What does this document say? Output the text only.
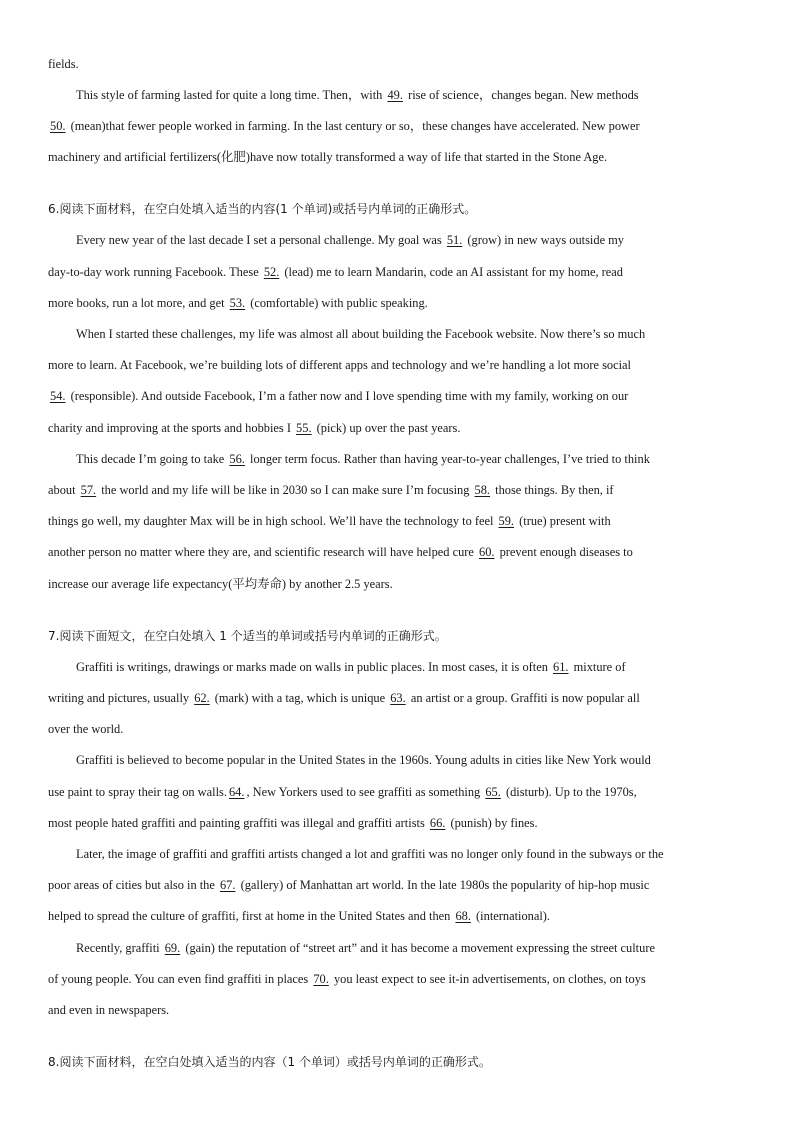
fields.
This style of farming lasted for quite a long time. Then，with 49. rise of science，changes began. New methods
50. (mean)that fewer people worked in farming. In the last century or so，these changes have accelerated. New power
machinery and artificial fertilizers(化肥)have now totally transformed a way of life that started in the Stone Age.
6.阅读下面材料，在空白处填入适当的内容(1 个单词)或括号内单词的正确形式。
Every new year of the last decade I set a personal challenge. My goal was 51. (grow) in new ways outside my
day-to-day work running Facebook. These 52. (lead) me to learn Mandarin, code an AI assistant for my home, read
more books, run a lot more, and get 53. (comfortable) with public speaking.
When I started these challenges, my life was almost all about building the Facebook website. Now there’s so much
more to learn. At Facebook, we’re building lots of different apps and technology and we’re handling a lot more social
54. (responsible). And outside Facebook, I’m a father now and I love spending time with my family, working on our
charity and improving at the sports and hobbies I 55. (pick) up over the past years.
This decade I’m going to take 56. longer term focus. Rather than having year-to-year challenges, I’ve tried to think
about 57. the world and my life will be like in 2030 so I can make sure I’m focusing 58. those things. By then, if
things go well, my daughter Max will be in high school. We’ll have the technology to feel 59. (true) present with
another person no matter where they are, and scientific research will have helped cure 60. prevent enough diseases to
increase our average life expectancy(平均寿命) by another 2.5 years.
7.阅读下面短文，在空白处填入 1 个适当的单词或括号内单词的正确形式。
Graffiti is writings, drawings or marks made on walls in public places. In most cases, it is often 61. mixture of
writing and pictures, usually 62. (mark) with a tag, which is unique 63. an artist or a group. Graffiti is now popular all
over the world.
Graffiti is believed to become popular in the United States in the 1960s. Young adults in cities like New York would
use paint to spray their tag on walls. 64., New Yorkers used to see graffiti as something 65. (disturb). Up to the 1970s,
most people hated graffiti and painting graffiti was illegal and graffiti artists 66. (punish) by fines.
Later, the image of graffiti and graffiti artists changed a lot and graffiti was no longer only found in the subways or the
poor areas of cities but also in the 67. (gallery) of Manhattan art world. In the late 1980s the popularity of hip-hop music
helped to spread the culture of graffiti, first at home in the United States and then 68. (international).
Recently, graffiti 69. (gain) the reputation of “street art” and it has become a movement expressing the street culture
of young people. You can even find graffiti in places 70. you least expect to see it-in advertisements, on clothes, on toys
and even in newspapers.
8.阅读下面材料，在空白处填入适当的内容（1 个单词）或括号内单词的正确形式。
